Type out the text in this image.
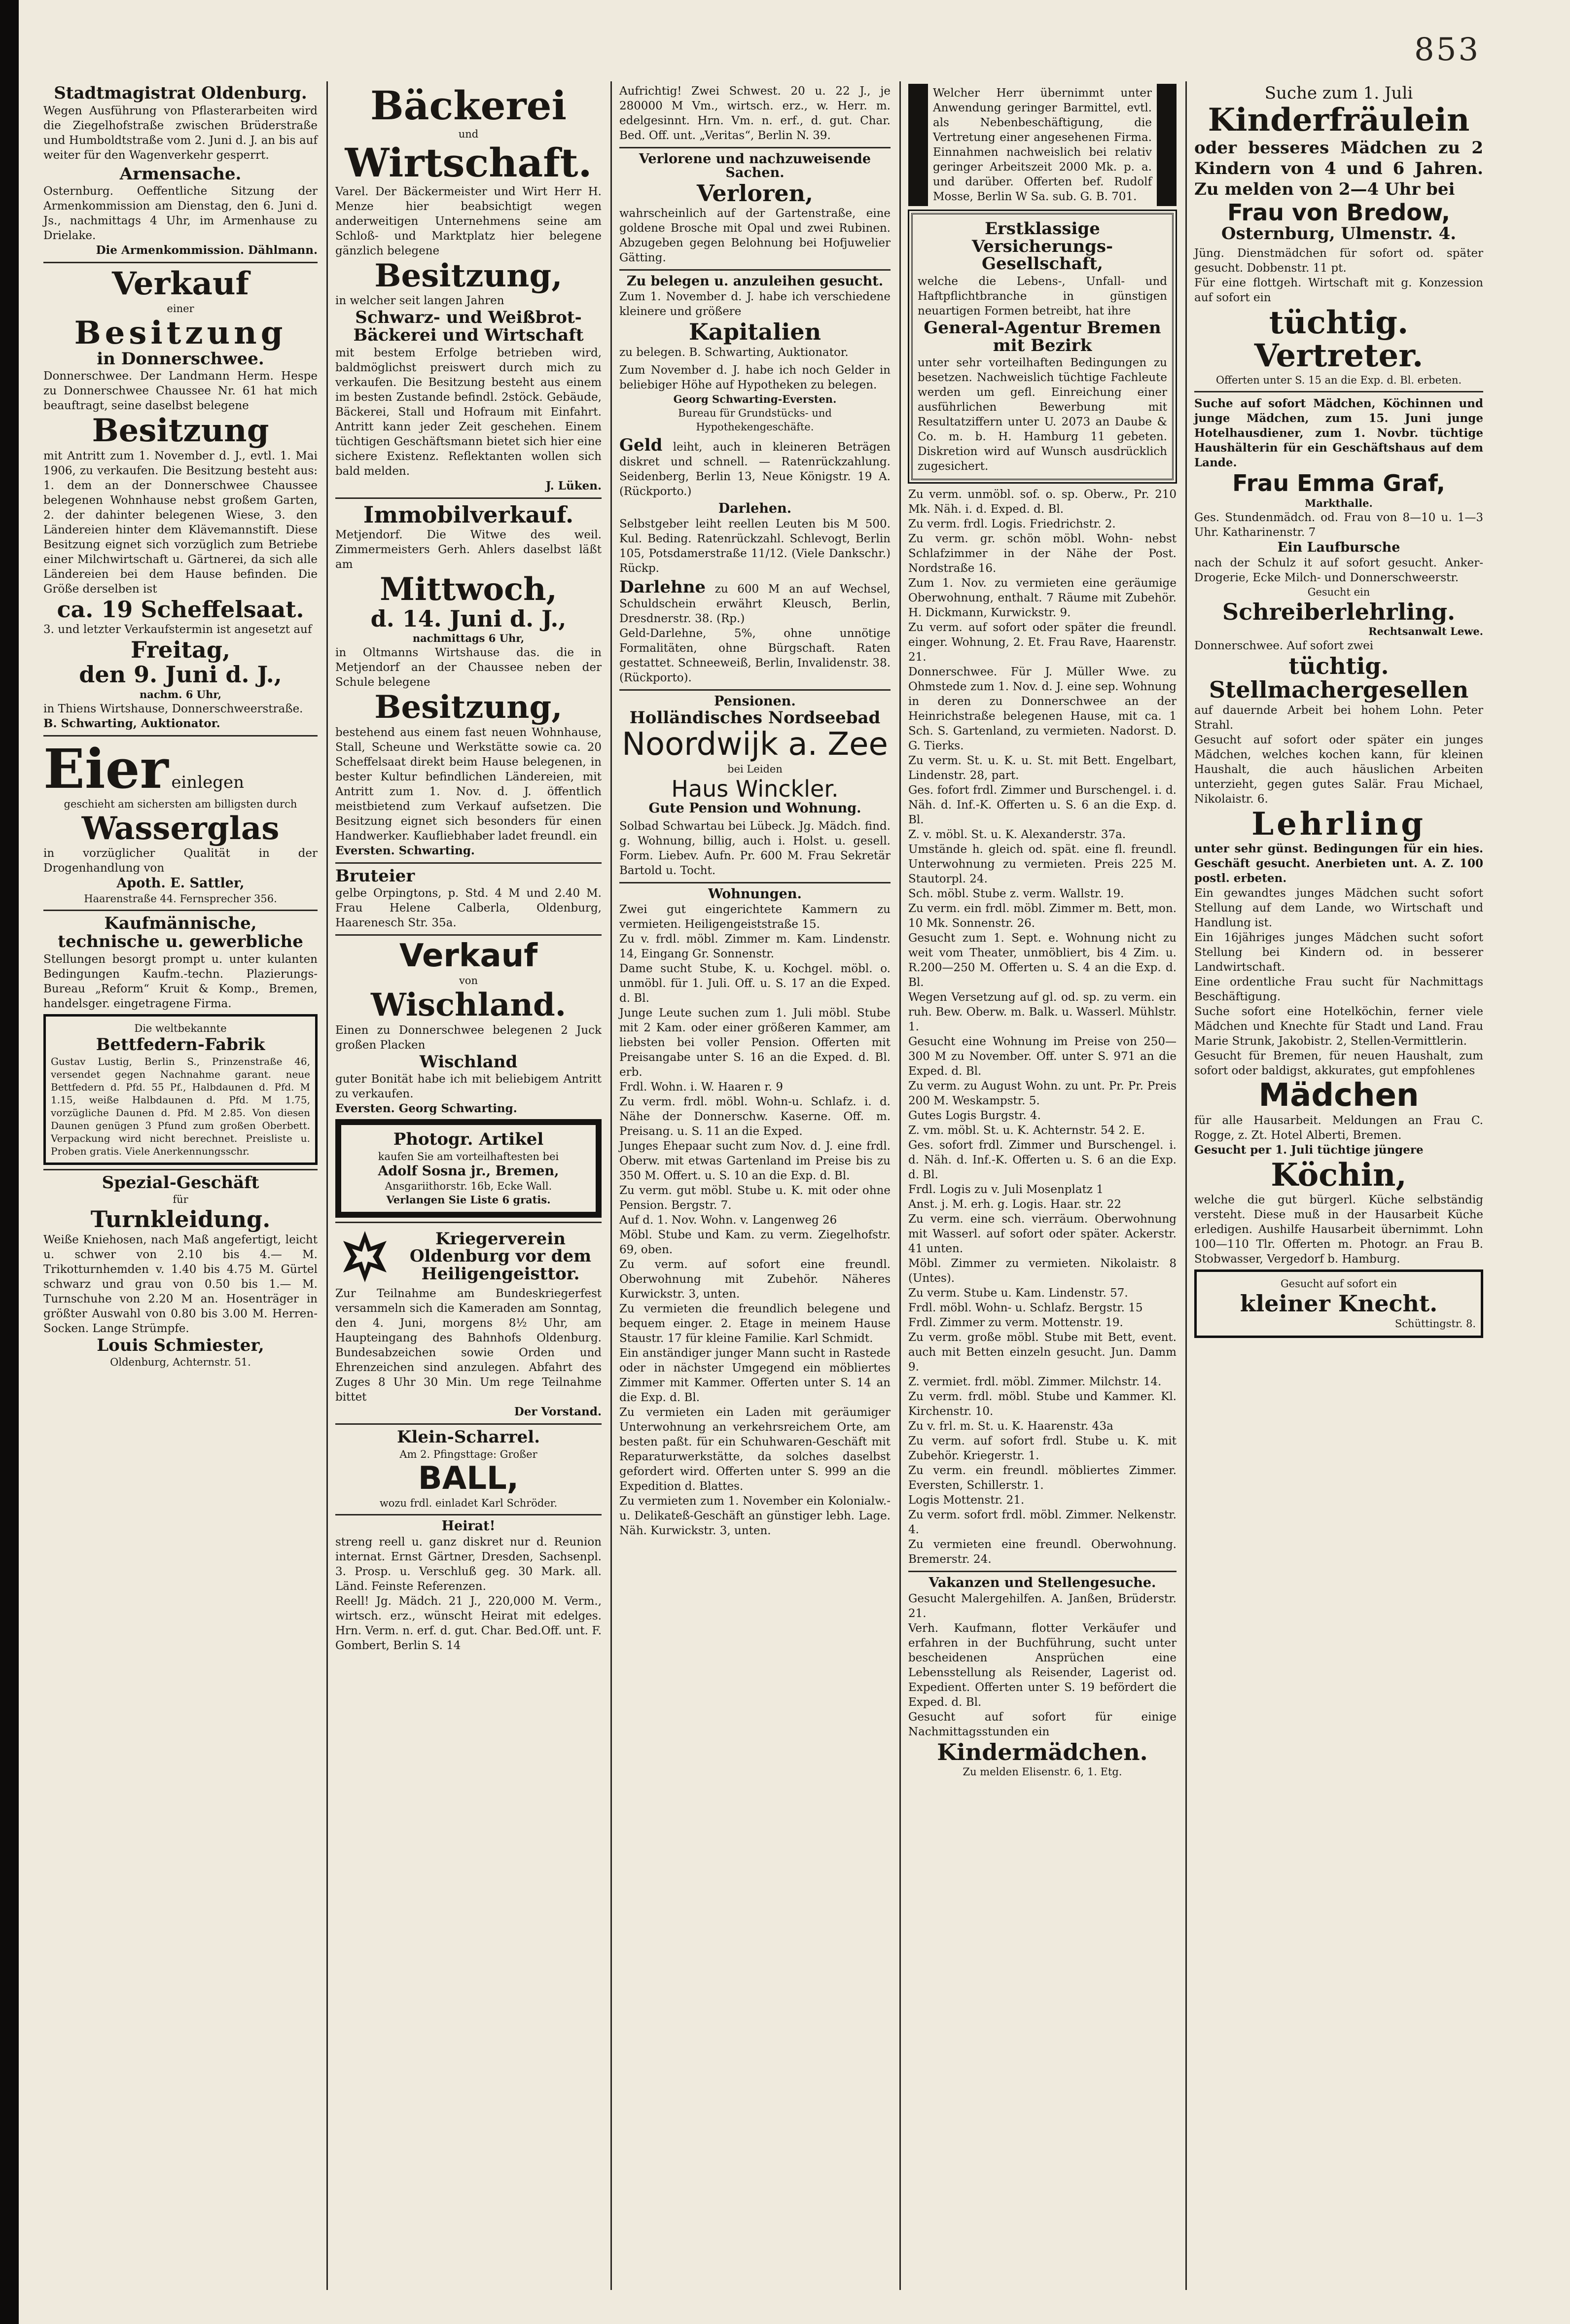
853

Stadtmagistrat Oldenburg.

Wegen Ausführung von Pflasterarbeiten wird die Ziegelhofstraße zwischen Brüderstraße und Humboldtstraße vom 2. Juni d. J. an bis auf weiter für den Wagenverkehr gesperrt.

Armensache.

Osternburg. Oeffentliche Sitzung der Armenkommission am Dienstag, den 6. Juni d. Js., nachmittags 4 Uhr, im Armenhause zu Drielake.

Die Armenkommission. Dählmann.

Verkauf

einer

Besitzung

in Donnerschwee.

Donnerschwee. Der Landmann Herm. Hespe zu Donnerschwee Chaussee Nr. 61 hat mich beauftragt, seine daselbst belegene

Besitzung

mit Antritt zum 1. November d. J., evtl. 1. Mai 1906, zu verkaufen. Die Besitzung besteht aus: 1. dem an der Donnerschwee Chaussee belegenen Wohnhause nebst großem Garten, 2. der dahinter belegenen Wiese, 3. den Ländereien hinter dem Klävemannstift. Diese Besitzung eignet sich vorzüglich zum Betriebe einer Milchwirtschaft u. Gärtnerei, da sich alle Ländereien bei dem Hause befinden. Die Größe derselben ist

ca. 19 Scheffelsaat.

3. und letzter Verkaufstermin ist angesetzt auf

Freitag,

den 9. Juni d. J.,

nachm. 6 Uhr,

in Thiens Wirtshause, Donnerschweerstraße.

B. Schwarting, Auktionator.

Eier einlegen

geschieht am sichersten am billigsten durch

Wasserglas

in vorzüglicher Qualität in der Drogenhandlung von

Apoth. E. Sattler,

Haarenstraße 44. Fernsprecher 356.

Kaufmännische,

technische u. gewerbliche

Stellungen besorgt prompt u. unter kulanten Bedingungen Kaufm.-techn. Plazierungs-Bureau „Reform“ Kruit & Komp., Bremen, handelsger. eingetragene Firma.

Die weltbekannte

Bettfedern-Fabrik

Gustav Lustig, Berlin S., Prinzenstraße 46, versendet gegen Nachnahme garant. neue Bettfedern d. Pfd. 55 Pf., Halbdaunen d. Pfd. M 1.15, weiße Halbdaunen d. Pfd. M 1.75, vorzügliche Daunen d. Pfd. M 2.85. Von diesen Daunen genügen 3 Pfund zum großen Oberbett. Verpackung wird nicht berechnet. Preisliste u. Proben gratis. Viele Anerkennungsschr.

Spezial-Geschäft

für

Turnkleidung.

Weiße Kniehosen, nach Maß angefertigt, leicht u. schwer von 2.10 bis 4.— M. Trikotturnhemden v. 1.40 bis 4.75 M. Gürtel schwarz und grau von 0.50 bis 1.— M. Turnschuhe von 2.20 M an. Hosenträger in größter Auswahl von 0.80 bis 3.00 M. Herren-Socken. Lange Strümpfe.

Louis Schmiester,

Oldenburg, Achternstr. 51.

Bäckerei

und

Wirtschaft.

Varel. Der Bäckermeister und Wirt Herr H. Menze hier beabsichtigt wegen anderweitigen Unternehmens seine am Schloß- und Marktplatz hier belegene gänzlich belegene

Besitzung,

in welcher seit langen Jahren

Schwarz- und Weißbrot-Bäckerei und Wirtschaft

mit bestem Erfolge betrieben wird, baldmöglichst preiswert durch mich zu verkaufen. Die Besitzung besteht aus einem im besten Zustande befindl. 2stöck. Gebäude, Bäckerei, Stall und Hofraum mit Einfahrt. Antritt kann jeder Zeit geschehen. Einem tüchtigen Geschäftsmann bietet sich hier eine sichere Existenz. Reflektanten wollen sich bald melden.

J. Lüken.

Immobilverkauf.

Metjendorf. Die Witwe des weil. Zimmermeisters Gerh. Ahlers daselbst läßt am

Mittwoch,

d. 14. Juni d. J.,

nachmittags 6 Uhr,

in Oltmanns Wirtshause das. die in Metjendorf an der Chaussee neben der Schule belegene

Besitzung,

bestehend aus einem fast neuen Wohnhause, Stall, Scheune und Werkstätte sowie ca. 20 Scheffelsaat direkt beim Hause belegenen, in bester Kultur befindlichen Ländereien, mit Antritt zum 1. Nov. d. J. öffentlich meistbietend zum Verkauf aufsetzen. Die Besitzung eignet sich besonders für einen Handwerker. Kaufliebhaber ladet freundl. ein

Eversten. Schwarting.

Bruteier

gelbe Orpingtons, p. Std. 4 M und 2.40 M. Frau Helene Calberla, Oldenburg, Haarenesch Str. 35a.

Verkauf

von

Wischland.

Einen zu Donnerschwee belegenen 2 Juck großen Placken

Wischland

guter Bonität habe ich mit beliebigem Antritt zu verkaufen.

Eversten. Georg Schwarting.

Photogr. Artikel

kaufen Sie am vorteilhaftesten bei

Adolf Sosna jr., Bremen,

Ansgariithorstr. 16b, Ecke Wall.

Verlangen Sie Liste 6 gratis.

Kriegerverein Oldenburg vor dem Heiligengeisttor.

Zur Teilnahme am Bundeskriegerfest versammeln sich die Kameraden am Sonntag, den 4. Juni, morgens 8½ Uhr, am Haupteingang des Bahnhofs Oldenburg. Bundesabzeichen sowie Orden und Ehrenzeichen sind anzulegen. Abfahrt des Zuges 8 Uhr 30 Min. Um rege Teilnahme bittet

Der Vorstand.

Klein-Scharrel.

Am 2. Pfingsttage: Großer

BALL,

wozu frdl. einladet Karl Schröder.

Heirat!

streng reell u. ganz diskret nur d. Reunion internat. Ernst Gärtner, Dresden, Sachsenpl. 3. Prosp. u. Verschluß geg. 30 Mark. all. Länd. Feinste Referenzen.

Reell! Jg. Mädch. 21 J., 220,000 M. Verm., wirtsch. erz., wünscht Heirat mit edelges. Hrn. Verm. n. erf. d. gut. Char. Bed.Off. unt. F. Gombert, Berlin S. 14

Aufrichtig! Zwei Schwest. 20 u. 22 J., je 280000 M Vm., wirtsch. erz., w. Herr. m. edelgesinnt. Hrn. Vm. n. erf., d. gut. Char. Bed. Off. unt. „Veritas“, Berlin N. 39.

Verlorene und nachzuweisende Sachen.

Verloren,

wahrscheinlich auf der Gartenstraße, eine goldene Brosche mit Opal und zwei Rubinen. Abzugeben gegen Belohnung bei Hofjuwelier Gätting.

Zu belegen u. anzuleihen gesucht.

Zum 1. November d. J. habe ich verschiedene kleinere und größere

Kapitalien

zu belegen. B. Schwarting, Auktionator.

Zum November d. J. habe ich noch Gelder in beliebiger Höhe auf Hypotheken zu belegen.

Georg Schwarting-Eversten.

Bureau für Grundstücks- und Hypothekengeschäfte.

Geld leiht, auch in kleineren Beträgen diskret und schnell. — Ratenrückzahlung. Seidenberg, Berlin 13, Neue Königstr. 19 A. (Rückporto.)

Darlehen.

Selbstgeber leiht reellen Leuten bis M 500. Kul. Beding. Ratenrückzahl. Schlevogt, Berlin 105, Potsdamerstraße 11/12. (Viele Dankschr.) Rückp.

Darlehne zu 600 M an auf Wechsel, Schuldschein erwährt Kleusch, Berlin, Dresdnerstr. 38. (Rp.)

Geld-Darlehne, 5%, ohne unnötige Formalitäten, ohne Bürgschaft. Raten gestattet. Schneeweiß, Berlin, Invalidenstr. 38. (Rückporto).

Pensionen.

Holländisches Nordseebad

Noordwijk a. Zee

bei Leiden

Haus Winckler.

Gute Pension und Wohnung.

Solbad Schwartau bei Lübeck. Jg. Mädch. find. g. Wohnung, billig, auch i. Holst. u. gesell. Form. Liebev. Aufn. Pr. 600 M. Frau Sekretär Bartold u. Tocht.

Wohnungen.

Zwei gut eingerichtete Kammern zu vermieten. Heiligengeiststraße 15.

Zu v. frdl. möbl. Zimmer m. Kam. Lindenstr. 14, Eingang Gr. Sonnenstr.

Dame sucht Stube, K. u. Kochgel. möbl. o. unmöbl. für 1. Juli. Off. u. S. 17 an die Exped. d. Bl.

Junge Leute suchen zum 1. Juli möbl. Stube mit 2 Kam. oder einer größeren Kammer, am liebsten bei voller Pension. Offerten mit Preisangabe unter S. 16 an die Exped. d. Bl. erb.

Frdl. Wohn. i. W. Haaren r. 9

Zu verm. frdl. möbl. Wohn-u. Schlafz. i. d. Nähe der Donnerschw. Kaserne. Off. m. Preisang. u. S. 11 an die Exped.

Junges Ehepaar sucht zum Nov. d. J. eine frdl. Oberw. mit etwas Gartenland im Preise bis zu 350 M. Offert. u. S. 10 an die Exp. d. Bl.

Zu verm. gut möbl. Stube u. K. mit oder ohne Pension. Bergstr. 7.

Auf d. 1. Nov. Wohn. v. Langenweg 26

Möbl. Stube und Kam. zu verm. Ziegelhofstr. 69, oben.

Zu verm. auf sofort eine freundl. Oberwohnung mit Zubehör. Näheres Kurwickstr. 3, unten.

Zu vermieten die freundlich belegene und bequem einger. 2. Etage in meinem Hause Staustr. 17 für kleine Familie. Karl Schmidt.

Ein anständiger junger Mann sucht in Rastede oder in nächster Umgegend ein möbliertes Zimmer mit Kammer. Offerten unter S. 14 an die Exp. d. Bl.

Zu vermieten ein Laden mit geräumiger Unterwohnung an verkehrsreichem Orte, am besten paßt. für ein Schuhwaren-Geschäft mit Reparaturwerkstätte, da solches daselbst gefordert wird. Offerten unter S. 999 an die Expedition d. Blattes.

Zu vermieten zum 1. November ein Kolonialw.-u. Delikateß-Geschäft an günstiger lebh. Lage. Näh. Kurwickstr. 3, unten.

Welcher Herr übernimmt unter Anwendung geringer Barmittel, evtl. als Nebenbeschäftigung, die Vertretung einer angesehenen Firma. Einnahmen nachweislich bei relativ geringer Arbeitszeit 2000 Mk. p. a. und darüber. Offerten bef. Rudolf Mosse, Berlin W Sa. sub. G. B. 701.

Erstklassige Versicherungs-Gesellschaft,

welche die Lebens-, Unfall- und Haftpflichtbranche in günstigen neuartigen Formen betreibt, hat ihre

General-Agentur Bremen mit Bezirk

unter sehr vorteilhaften Bedingungen zu besetzen. Nachweislich tüchtige Fachleute werden um gefl. Einreichung einer ausführlichen Bewerbung mit Resultatziffern unter U. 2073 an Daube & Co. m. b. H. Hamburg 11 gebeten. Diskretion wird auf Wunsch ausdrücklich zugesichert.

Zu verm. unmöbl. sof. o. sp. Oberw., Pr. 210 Mk. Näh. i. d. Exped. d. Bl.

Zu verm. frdl. Logis. Friedrichstr. 2.

Zu verm. gr. schön möbl. Wohn- nebst Schlafzimmer in der Nähe der Post. Nordstraße 16.

Zum 1. Nov. zu vermieten eine geräumige Oberwohnung, enthalt. 7 Räume mit Zubehör. H. Dickmann, Kurwickstr. 9.

Zu verm. auf sofort oder später die freundl. einger. Wohnung, 2. Et. Frau Rave, Haarenstr. 21.

Donnerschwee. Für J. Müller Wwe. zu Ohmstede zum 1. Nov. d. J. eine sep. Wohnung in deren zu Donnerschwee an der Heinrichstraße belegenen Hause, mit ca. 1 Sch. S. Gartenland, zu vermieten. Nadorst. D. G. Tierks.

Zu verm. St. u. K. u. St. mit Bett. Engelbart, Lindenstr. 28, part.

Ges. fofort frdl. Zimmer und Burschengel. i. d. Näh. d. Inf.-K. Offerten u. S. 6 an die Exp. d. Bl.

Z. v. möbl. St. u. K. Alexanderstr. 37a.

Umstände h. gleich od. spät. eine fl. freundl. Unterwohnung zu vermieten. Preis 225 M. Stautorpl. 24.

Sch. möbl. Stube z. verm. Wallstr. 19.

Zu verm. ein frdl. möbl. Zimmer m. Bett, mon. 10 Mk. Sonnenstr. 26.

Gesucht zum 1. Sept. e. Wohnung nicht zu weit vom Theater, unmöbliert, bis 4 Zim. u. R.200—250 M. Offerten u. S. 4 an die Exp. d. Bl.

Wegen Versetzung auf gl. od. sp. zu verm. ein ruh. Bew. Oberw. m. Balk. u. Wasserl. Mühlstr. 1.

Gesucht eine Wohnung im Preise von 250—300 M zu November. Off. unter S. 971 an die Exped. d. Bl.

Zu verm. zu August Wohn. zu unt. Pr. Pr. Preis 200 M. Weskampstr. 5.

Gutes Logis Burgstr. 4.

Z. vm. möbl. St. u. K. Achternstr. 54 2. E.

Ges. sofort frdl. Zimmer und Burschengel. i. d. Näh. d. Inf.-K. Offerten u. S. 6 an die Exp. d. Bl.

Frdl. Logis zu v. Juli Mosenplatz 1

Anst. j. M. erh. g. Logis. Haar. str. 22

Zu verm. eine sch. vierräum. Oberwohnung mit Wasserl. auf sofort oder später. Ackerstr. 41 unten.

Möbl. Zimmer zu vermieten. Nikolaistr. 8 (Untes).

Zu verm. Stube u. Kam. Lindenstr. 57.

Frdl. möbl. Wohn- u. Schlafz. Bergstr. 15

Frdl. Zimmer zu verm. Mottenstr. 19.

Zu verm. große möbl. Stube mit Bett, event. auch mit Betten einzeln gesucht. Jun. Damm 9.

Z. vermiet. frdl. möbl. Zimmer. Milchstr. 14.

Zu verm. frdl. möbl. Stube und Kammer. Kl. Kirchenstr. 10.

Zu v. frl. m. St. u. K. Haarenstr. 43a

Zu verm. auf sofort frdl. Stube u. K. mit Zubehör. Kriegerstr. 1.

Zu verm. ein freundl. möbliertes Zimmer. Eversten, Schillerstr. 1.

Logis Mottenstr. 21.

Zu verm. sofort frdl. möbl. Zimmer. Nelkenstr. 4.

Zu vermieten eine freundl. Oberwohnung. Bremerstr. 24.

Vakanzen und Stellengesuche.

Gesucht Malergehilfen. A. Janßen, Brüderstr. 21.

Verh. Kaufmann, flotter Verkäufer und erfahren in der Buchführung, sucht unter bescheidenen Ansprüchen eine Lebensstellung als Reisender, Lagerist od. Expedient. Offerten unter S. 19 befördert die Exped. d. Bl.

Gesucht auf sofort für einige Nachmittagsstunden ein

Kindermädchen.

Zu melden Elisenstr. 6, 1. Etg.

Suche zum 1. Juli

Kinderfräulein

oder besseres Mädchen zu 2 Kindern von 4 und 6 Jahren. Zu melden von 2—4 Uhr bei

Frau von Bredow,

Osternburg, Ulmenstr. 4.

Jüng. Dienstmädchen für sofort od. später gesucht. Dobbenstr. 11 pt.

Für eine flottgeh. Wirtschaft mit g. Konzession auf sofort ein

tüchtig. Vertreter.

Offerten unter S. 15 an die Exp. d. Bl. erbeten.

Suche auf sofort Mädchen, Köchinnen und junge Mädchen, zum 15. Juni junge Hotelhausdiener, zum 1. Novbr. tüchtige Haushälterin für ein Geschäftshaus auf dem Lande.

Frau Emma Graf,

Markthalle.

Ges. Stundenmädch. od. Frau von 8—10 u. 1—3 Uhr. Katharinenstr. 7

Ein Laufbursche

nach der Schulz it auf sofort gesucht. Anker-Drogerie, Ecke Milch- und Donnerschweerstr.

Gesucht ein

Schreiberlehrling.

Rechtsanwalt Lewe.

Donnerschwee. Auf sofort zwei

tüchtig. Stellmachergesellen

auf dauernde Arbeit bei hohem Lohn. Peter Strahl.

Gesucht auf sofort oder später ein junges Mädchen, welches kochen kann, für kleinen Haushalt, die auch häuslichen Arbeiten unterzieht, gegen gutes Salär. Frau Michael, Nikolaistr. 6.

Lehrling

unter sehr günst. Bedingungen für ein hies. Geschäft gesucht. Anerbieten unt. A. Z. 100 postl. erbeten.

Ein gewandtes junges Mädchen sucht sofort Stellung auf dem Lande, wo Wirtschaft und Handlung ist.

Ein 16jähriges junges Mädchen sucht sofort Stellung bei Kindern od. in besserer Landwirtschaft.

Eine ordentliche Frau sucht für Nachmittags Beschäftigung.

Suche sofort eine Hotelköchin, ferner viele Mädchen und Knechte für Stadt und Land. Frau Marie Strunk, Jakobistr. 2, Stellen-Vermittlerin.

Gesucht für Bremen, für neuen Haushalt, zum sofort oder baldigst, akkurates, gut empfohlenes

Mädchen

für alle Hausarbeit. Meldungen an Frau C. Rogge, z. Zt. Hotel Alberti, Bremen.

Gesucht per 1. Juli tüchtige jüngere

Köchin,

welche die gut bürgerl. Küche selbständig versteht. Diese muß in der Hausarbeit Küche erledigen. Aushilfe Hausarbeit übernimmt. Lohn 100—110 Tlr. Offerten m. Photogr. an Frau B. Stobwasser, Vergedorf b. Hamburg.

Gesucht auf sofort ein

kleiner Knecht.

Schüttingstr. 8.
